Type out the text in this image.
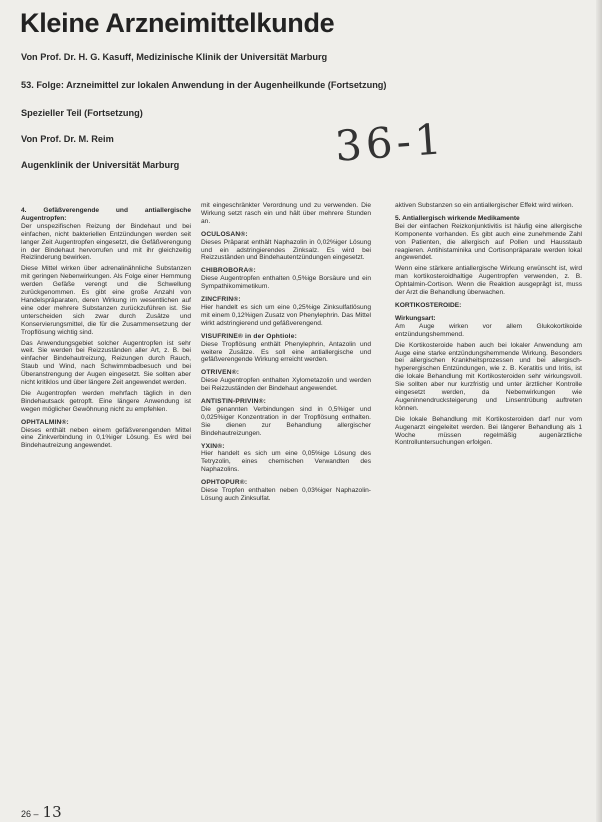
Kleine Arzneimittelkunde
Von Prof. Dr. H. G. Kasuff, Medizinische Klinik der Universität Marburg
53. Folge: Arzneimittel zur lokalen Anwendung in der Augenheilkunde (Fortsetzung)
Spezieller Teil (Fortsetzung)
Von Prof. Dr. M. Reim
Augenklinik der Universität Marburg	36-1
4. Gefäßverengende und antiallergische Augentropfen:

Der unspezifischen Reizung der Bindehaut und bei einfachen, nicht bakteriellen Entzündungen werden seit langer Zeit Augentropfen eingesetzt, die Gefäßverengung in der Bindehaut hervorrufen und mit ihr gleichzeitig Reizlinderung bewirken.

Diese Mittel wirken über adrenalinähnliche Substanzen mit geringen Nebenwirkungen. Als Folge einer Hemmung werden Gefäße verengt und die Schwellung zurückgenommen. Es gibt eine große Anzahl von Handelspräparaten, deren Wirkung im wesentlichen auf eine oder mehrere Substanzen zurückzuführen ist. Sie unterscheiden sich zwar durch Zusätze und Konservierungsmittel, die für die Zusammensetzung der Tropflösung wichtig sind.

Das Anwendungsgebiet solcher Augentropfen ist sehr weit. Sie werden bei Reizzuständen aller Art, z. B. bei einfacher Bindehautreizung, Reizungen durch Rauch, Staub und Wind, nach Schwimmbadbesuch und bei Überanstrengung der Augen eingesetzt. Sie sollten aber nicht kritiklos und über längere Zeit angewendet werden.

Die Augentropfen werden mehrfach täglich in den Bindehautsack getropft. Eine längere Anwendung ist wegen möglicher Gewöhnung nicht zu empfehlen.

OPHTALMIN®:

Dieses enthält neben einem gefäßverengenden Mittel eine Zinkverbindung in 0,1%iger Lösung. Es wird bei Bindehautreizung angewendet.

mit eingeschränkter Verordnung und zu verwenden. Die Wirkung setzt rasch ein und hält über mehrere Stunden an.

OCULOSAN®:

Dieses Präparat enthält Naphazolin in 0,02%iger Lösung und ein adstringierendes Zinksalz. Es wird bei Reizzuständen und Bindehautentzündungen eingesetzt.

CHIBROBORA®:

Diese Augentropfen enthalten 0,5%ige Borsäure und ein Sympathikomimetikum.

ZINCFRIN®:

Hier handelt es sich um eine 0,25%ige Zinksulfatlösung mit einem 0,12%igen Zusatz von Phenylephrin. Das Mittel wirkt adstringierend und gefäßverengend.

VISUFRINE® in der Ophtiole:

Diese Tropflösung enthält Phenylephrin, Antazolin und weitere Zusätze. Es soll eine antiallergische und gefäßverengende Wirkung erreicht werden.

OTRIVEN®:

Diese Augentropfen enthalten Xylometazolin und werden bei Reizzuständen der Bindehaut angewendet.

ANTISTIN-PRIVIN®:

Die genannten Verbindungen sind in 0,5%iger und 0,025%iger Konzentration in der Tropflösung enthalten. Sie dienen zur Behandlung allergischer Bindehautreizungen.

YXIN®:

Hier handelt es sich um eine 0,05%ige Lösung des Tetryzolin, eines chemischen Verwandten des Naphazolins.

OPHTOPUR®:

Diese Tropfen enthalten neben 0,03%iger Naphazolin-Lösung auch Zinksulfat.

aktiven Substanzen so ein antiallergischer Effekt wird wirken.

5. Antiallergisch wirkende Medikamente

Bei der einfachen Reizkonjunktivitis ist häufig eine allergische Komponente vorhanden. Es gibt auch eine zunehmende Zahl von Patienten, die allergisch auf Pollen und Hausstaub reagieren. Antihistaminika und Cortisonpräparate werden lokal angewendet.

Wenn eine stärkere antiallergische Wirkung erwünscht ist, wird man kortikosteroidhaltige Augentropfen verwenden, z. B. Ophtalmin-Cortison. Wenn die Reaktion ausgeprägt ist, muss der Arzt die Behandlung überwachen.

KORTIKOSTEROIDE:
Wirkungsart:

Am Auge wirken vor allem Glukokortikoide entzündungshemmend.

Die Kortikosteroide haben auch bei lokaler Anwendung am Auge eine starke entzündungshemmende Wirkung. Besonders bei allergischen Krankheitsprozessen und bei allergisch-hyperergischen Entzündungen, wie z. B. Keratitis und Iritis, ist die lokale Behandlung mit Kortikosteroiden sehr wirkungsvoll. Sie sollten aber nur kurzfristig und unter ärztlicher Kontrolle eingesetzt werden, da Nebenwirkungen wie Augeninnendrucksteigerung und Linsentrübung auftreten können.

Die lokale Behandlung mit Kortikosteroiden darf nur vom Augenarzt eingeleitet werden. Bei längerer Behandlung als 1 Woche müssen regelmäßig augenärztliche Kontrolluntersuchungen erfolgen.

26 – 13
